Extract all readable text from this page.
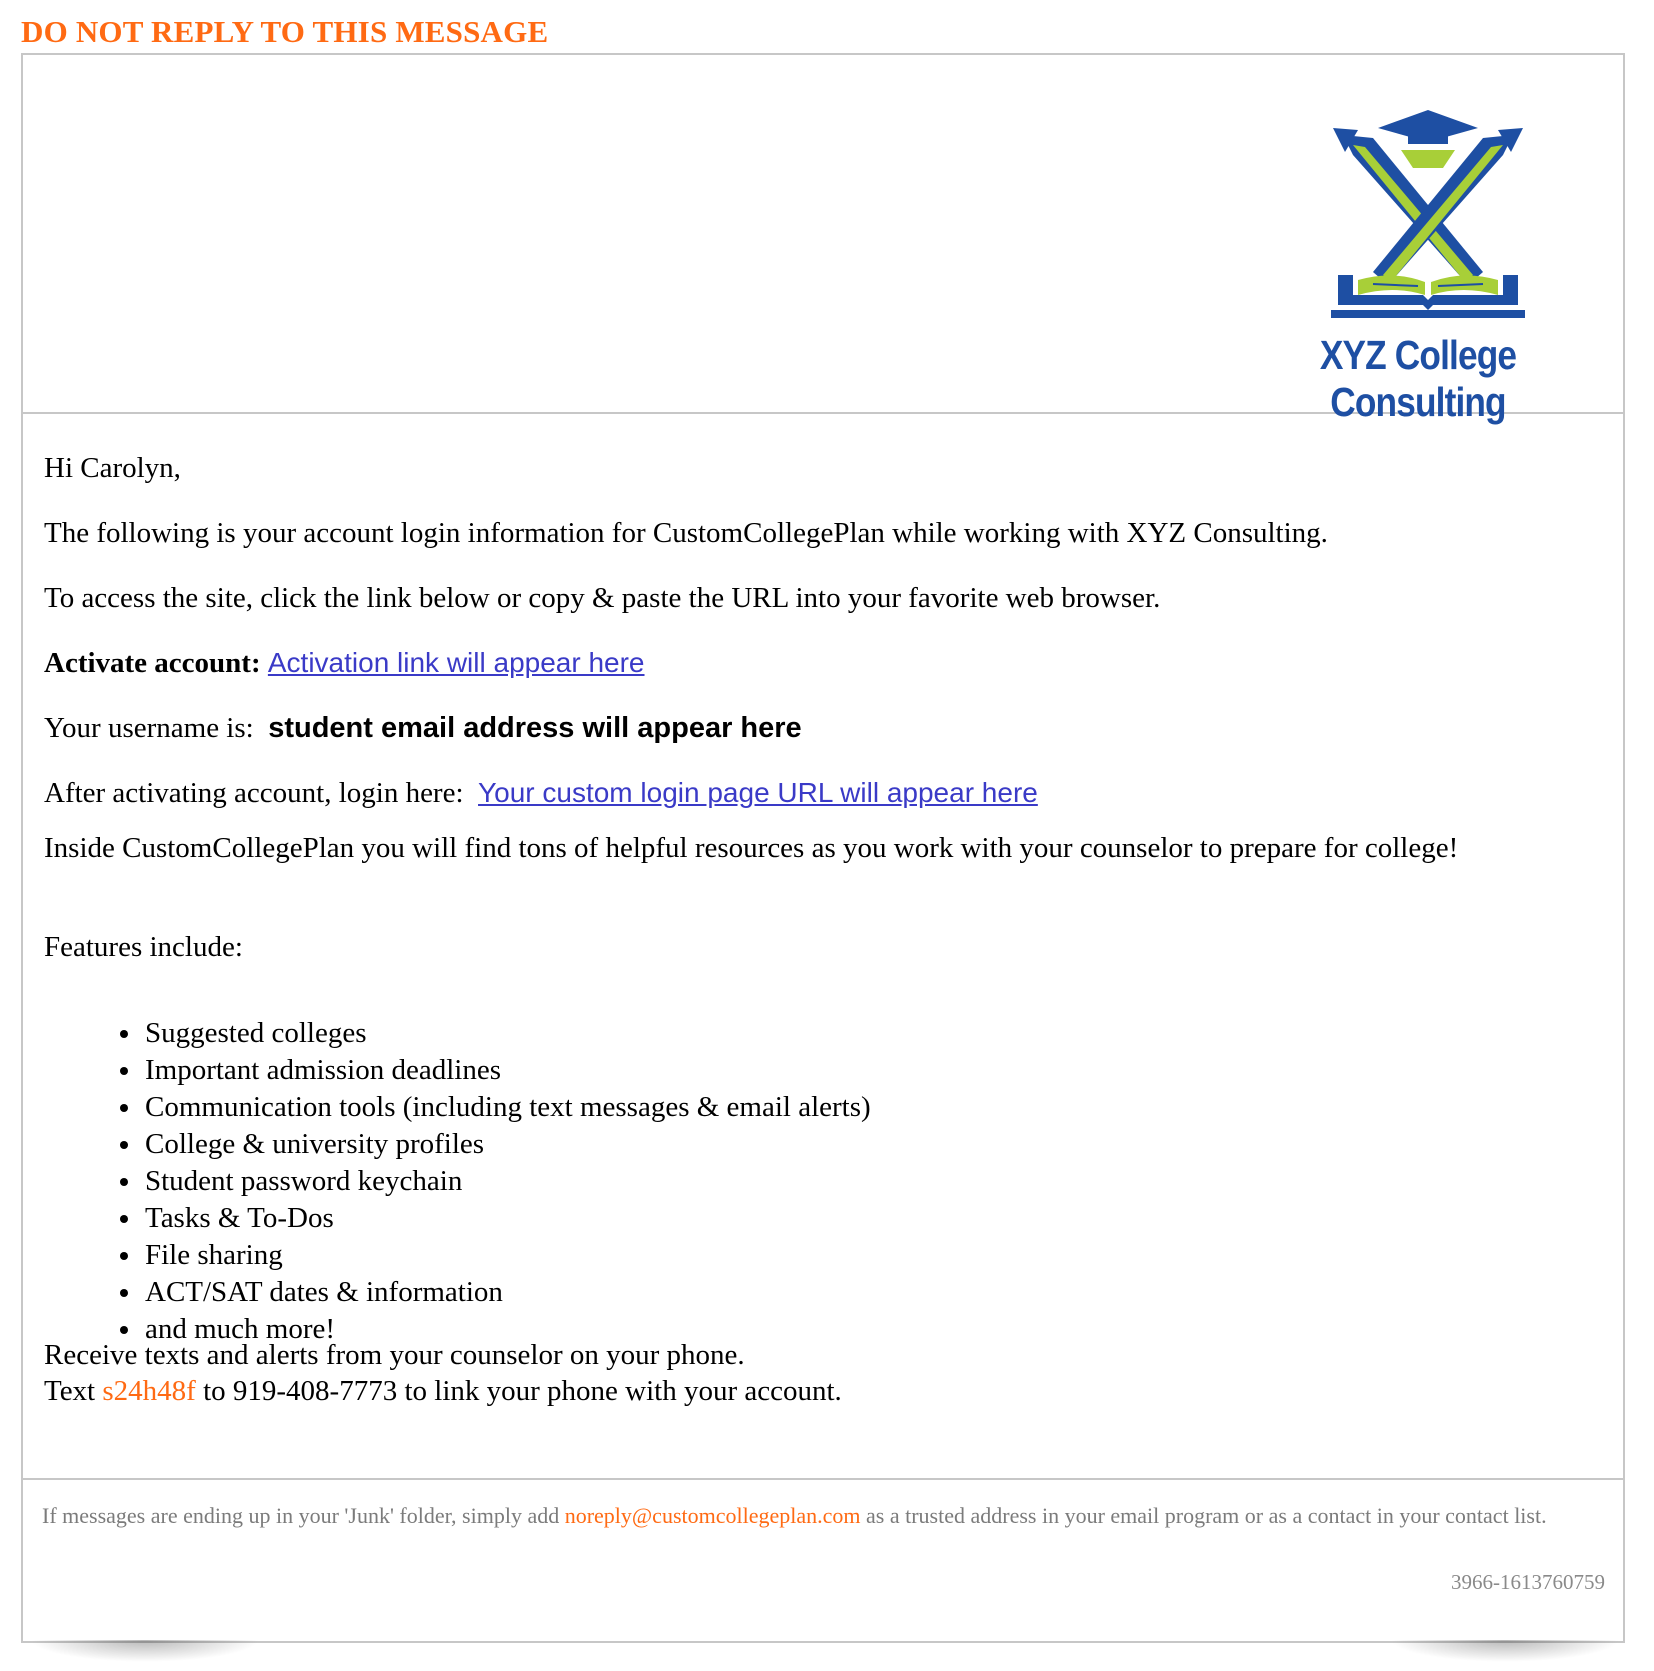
DO NOT REPLY TO THIS MESSAGE
XYZ College Consulting
Hi Carolyn,
The following is your account login information for CustomCollegePlan while working with XYZ Consulting.
To access the site, click the link below or copy & paste the URL into your favorite web browser.
Activate account: Activation link will appear here
Your username is: student email address will appear here
After activating account, login here: Your custom login page URL will appear here
Inside CustomCollegePlan you will find tons of helpful resources as you work with your counselor to prepare for college!
Features include:
• Suggested colleges
• Important admission deadlines
• Communication tools (including text messages & email alerts)
• College & university profiles
• Student password keychain
• Tasks & To-Dos
• File sharing
• ACT/SAT dates & information
• and much more!
Receive texts and alerts from your counselor on your phone.
Text s24h48f to 919-408-7773 to link your phone with your account.
If messages are ending up in your 'Junk' folder, simply add noreply@customcollegeplan.com as a trusted address in your email program or as a contact in your contact list.
3966-1613760759
